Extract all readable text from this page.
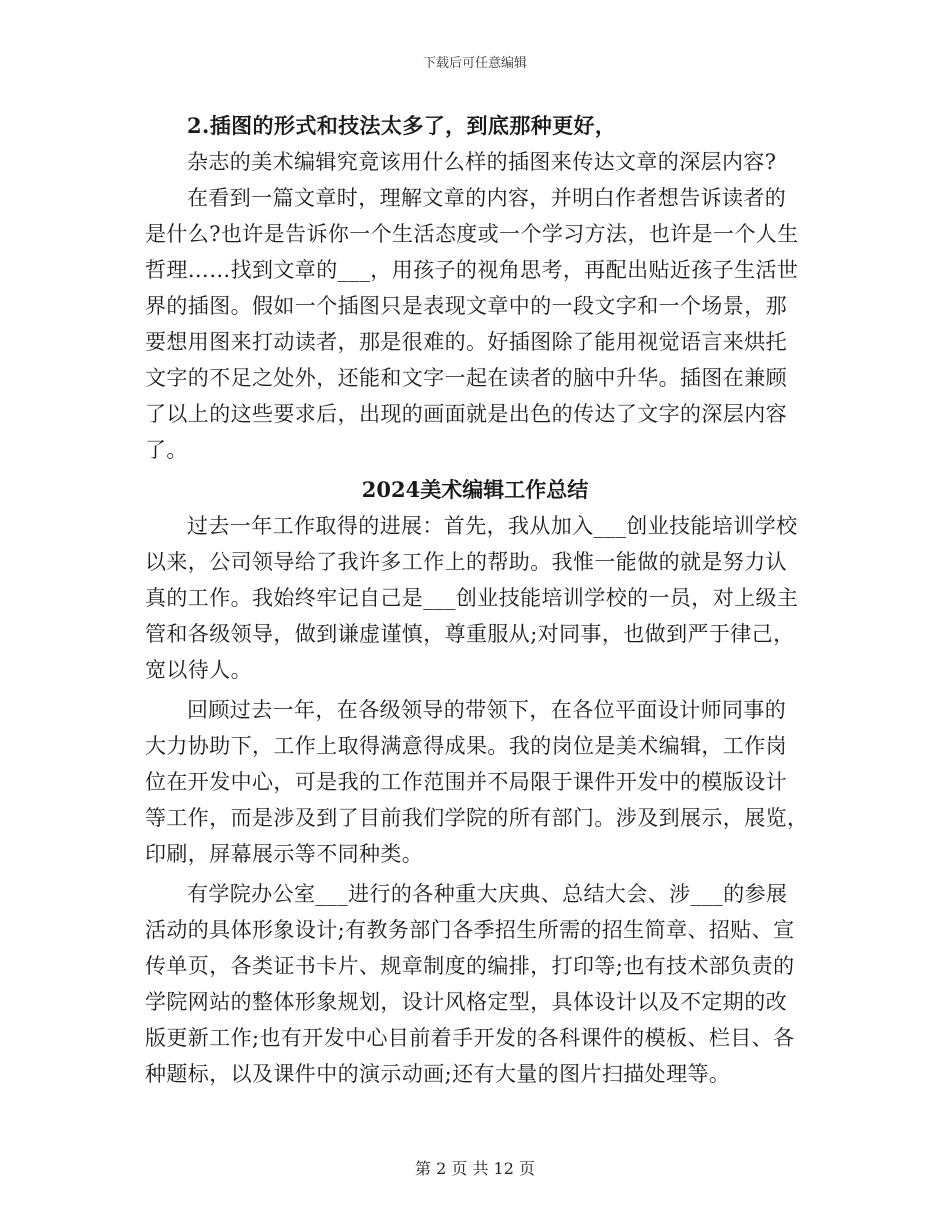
下载后可任意编辑
2.插图的形式和技法太多了，到底那种更好，
杂志的美术编辑究竟该用什么样的插图来传达文章的深层内容?
在看到一篇文章时，理解文章的内容，并明白作者想告诉读者的
是什么?也许是告诉你一个生活态度或一个学习方法，也许是一个人生
哲理……找到文章的___，用孩子的视角思考，再配出贴近孩子生活世
界的插图。假如一个插图只是表现文章中的一段文字和一个场景，那
要想用图来打动读者，那是很难的。好插图除了能用视觉语言来烘托
文字的不足之处外，还能和文字一起在读者的脑中升华。插图在兼顾
了以上的这些要求后，出现的画面就是出色的传达了文字的深层内容
了。
2024美术编辑工作总结
过去一年工作取得的进展：首先，我从加入___创业技能培训学校
以来，公司领导给了我许多工作上的帮助。我惟一能做的就是努力认
真的工作。我始终牢记自己是___创业技能培训学校的一员，对上级主
管和各级领导，做到谦虚谨慎，尊重服从;对同事，也做到严于律己，
宽以待人。
回顾过去一年，在各级领导的带领下，在各位平面设计师同事的
大力协助下，工作上取得满意得成果。我的岗位是美术编辑，工作岗
位在开发中心，可是我的工作范围并不局限于课件开发中的模版设计
等工作，而是涉及到了目前我们学院的所有部门。涉及到展示，展览，
印刷，屏幕展示等不同种类。
有学院办公室___进行的各种重大庆典、总结大会、涉___的参展
活动的具体形象设计;有教务部门各季招生所需的招生简章、招贴、宣
传单页，各类证书卡片、规章制度的编排，打印等;也有技术部负责的
学院网站的整体形象规划，设计风格定型，具体设计以及不定期的改
版更新工作;也有开发中心目前着手开发的各科课件的模板、栏目、各
种题标，以及课件中的演示动画;还有大量的图片扫描处理等。
第 2 页 共 12 页
